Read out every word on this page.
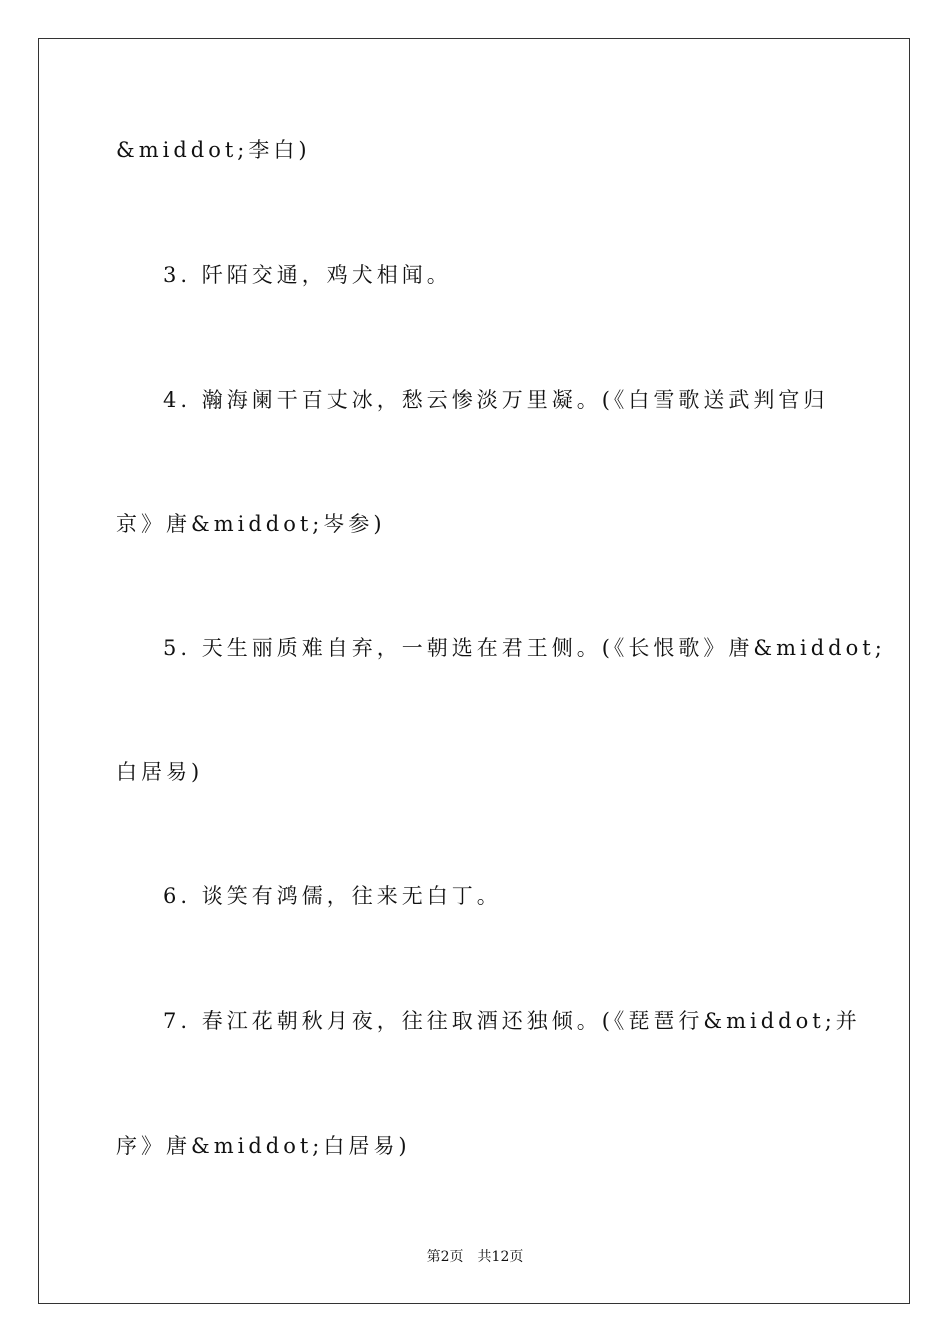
&middot;李白)
3. 阡陌交通，鸡犬相闻。
4. 瀚海阑干百丈冰，愁云惨淡万里凝。(《白雪歌送武判官归
京》唐&middot;岑参)
5. 天生丽质难自弃，一朝选在君王侧。(《长恨歌》唐&middot;
白居易)
6. 谈笑有鸿儒，往来无白丁。
7. 春江花朝秋月夜，往往取酒还独倾。(《琵琶行&middot;并
序》唐&middot;白居易)
第2页 共12页
